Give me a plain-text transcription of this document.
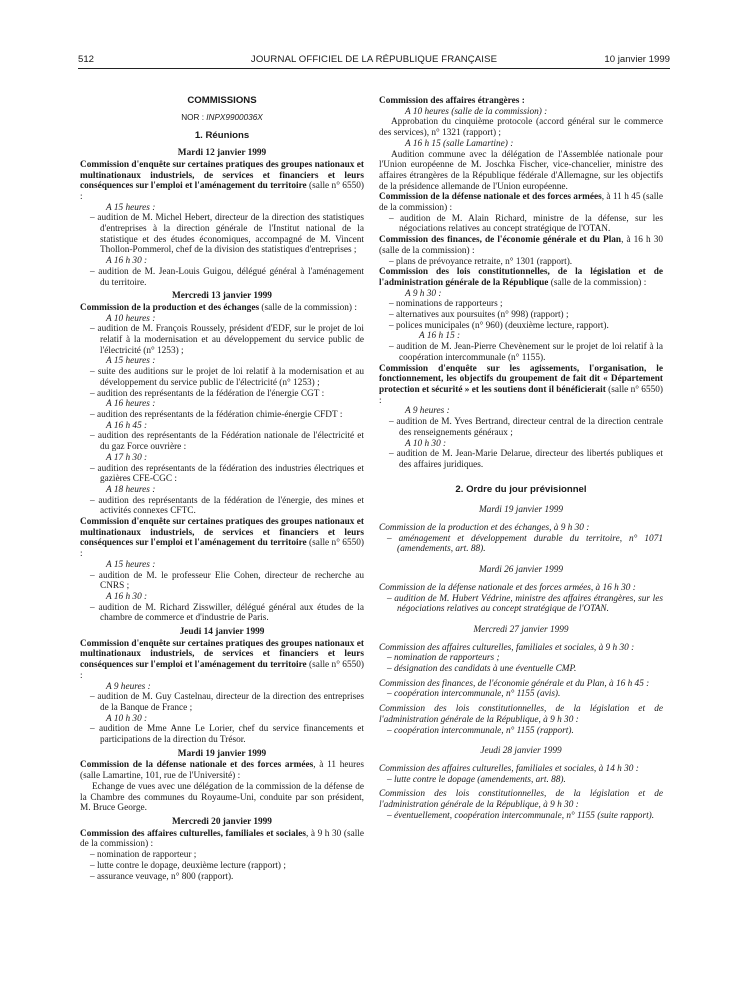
512	JOURNAL OFFICIEL DE LA RÉPUBLIQUE FRANÇAISE	10 janvier 1999
COMMISSIONS
NOR : INPX9900036X
1. Réunions
Mardi 12 janvier 1999

Commission d'enquête sur certaines pratiques des groupes nationaux et multinationaux industriels, de services et financiers et leurs conséquences sur l'emploi et l'aménagement du territoire (salle n° 6550) :

A 15 heures :

– audition de M. Michel Hebert, directeur de la direction des statistiques d'entreprises à la direction générale de l'Institut national de la statistique et des études économiques, accompagné de M. Vincent Thollon-Pommerol, chef de la division des statistiques d'entreprises ;

A 16 h 30 :

– audition de M. Jean-Louis Guigou, délégué général à l'aménagement du territoire.

Mercredi 13 janvier 1999

Commission de la production et des échanges (salle de la commission) :

A 10 heures :

– audition de M. François Roussely, président d'EDF, sur le projet de loi relatif à la modernisation et au développement du service public de l'électricité (n° 1253) ;

A 15 heures :

– suite des auditions sur le projet de loi relatif à la modernisation et au développement du service public de l'électricité (n° 1253) ;

– audition des représentants de la fédération de l'énergie CGT :

A 16 heures :

– audition des représentants de la fédération chimie-énergie CFDT :

A 16 h 45 :

– audition des représentants de la Fédération nationale de l'électricité et du gaz Force ouvrière :

A 17 h 30 :

– audition des représentants de la fédération des industries électriques et gazières CFE-CGC :

A 18 heures :

– audition des représentants de la fédération de l'énergie, des mines et activités connexes CFTC.

Commission d'enquête sur certaines pratiques des groupes nationaux et multinationaux industriels, de services et financiers et leurs conséquences sur l'emploi et l'aménagement du territoire (salle n° 6550) :

A 15 heures :

– audition de M. le professeur Elie Cohen, directeur de recherche au CNRS ;

A 16 h 30 :

– audition de M. Richard Zisswiller, délégué général aux études de la chambre de commerce et d'industrie de Paris.

Jeudi 14 janvier 1999

Commission d'enquête sur certaines pratiques des groupes nationaux et multinationaux industriels, de services et financiers et leurs conséquences sur l'emploi et l'aménagement du territoire (salle n° 6550) :

A 9 heures :

– audition de M. Guy Castelnau, directeur de la direction des entreprises de la Banque de France ;

A 10 h 30 :

– audition de Mme Anne Le Lorier, chef du service financements et participations de la direction du Trésor.

Mardi 19 janvier 1999

Commission de la défense nationale et des forces armées, à 11 heures (salle Lamartine, 101, rue de l'Université) :

Echange de vues avec une délégation de la commission de la défense de la Chambre des communes du Royaume-Uni, conduite par son président, M. Bruce George.

Mercredi 20 janvier 1999

Commission des affaires culturelles, familiales et sociales, à 9 h 30 (salle de la commission) :

– nomination de rapporteur ;

– lutte contre le dopage, deuxième lecture (rapport) ;

– assurance veuvage, n° 800 (rapport).

Commission des affaires étrangères :

A 10 heures (salle de la commission) :

Approbation du cinquième protocole (accord général sur le commerce des services), n° 1321 (rapport) ;

A 16 h 15 (salle Lamartine) :

Audition commune avec la délégation de l'Assemblée nationale pour l'Union européenne de M. Joschka Fischer, vice-chancelier, ministre des affaires étrangères de la République fédérale d'Allemagne, sur les objectifs de la présidence allemande de l'Union européenne.

Commission de la défense nationale et des forces armées, à 11 h 45 (salle de la commission) :

– audition de M. Alain Richard, ministre de la défense, sur les négociations relatives au concept stratégique de l'OTAN.

Commission des finances, de l'économie générale et du Plan, à 16 h 30 (salle de la commission) :

– plans de prévoyance retraite, n° 1301 (rapport).

Commission des lois constitutionnelles, de la législation et de l'administration générale de la République (salle de la commission) :

A 9 h 30 :

– nominations de rapporteurs ;

– alternatives aux poursuites (n° 998) (rapport) ;

– polices municipales (n° 960) (deuxième lecture, rapport).

A 16 h 15 :

– audition de M. Jean-Pierre Chevènement sur le projet de loi relatif à la coopération intercommunale (n° 1155).

Commission d'enquête sur les agissements, l'organisation, le fonctionnement, les objectifs du groupement de fait dit « Département protection et sécurité » et les soutiens dont il bénéficierait (salle n° 6550) :

A 9 heures :

– audition de M. Yves Bertrand, directeur central de la direction centrale des renseignements généraux ;

A 10 h 30 :

– audition de M. Jean-Marie Delarue, directeur des libertés publiques et des affaires juridiques.

2. Ordre du jour prévisionnel
Mardi 19 janvier 1999

Commission de la production et des échanges, à 9 h 30 :

– aménagement et développement durable du territoire, n° 1071 (amendements, art. 88).

Mardi 26 janvier 1999

Commission de la défense nationale et des forces armées, à 16 h 30 :

– audition de M. Hubert Védrine, ministre des affaires étrangères, sur les négociations relatives au concept stratégique de l'OTAN.

Mercredi 27 janvier 1999

Commission des affaires culturelles, familiales et sociales, à 9 h 30 :

– nomination de rapporteurs ;

– désignation des candidats à une éventuelle CMP.

Commission des finances, de l'économie générale et du Plan, à 16 h 45 :

– coopération intercommunale, n° 1155 (avis).

Commission des lois constitutionnelles, de la législation et de l'administration générale de la République, à 9 h 30 :

– coopération intercommunale, n° 1155 (rapport).

Jeudi 28 janvier 1999

Commission des affaires culturelles, familiales et sociales, à 14 h 30 :

– lutte contre le dopage (amendements, art. 88).

Commission des lois constitutionnelles, de la législation et de l'administration générale de la République, à 9 h 30 :

– éventuellement, coopération intercommunale, n° 1155 (suite rapport).
